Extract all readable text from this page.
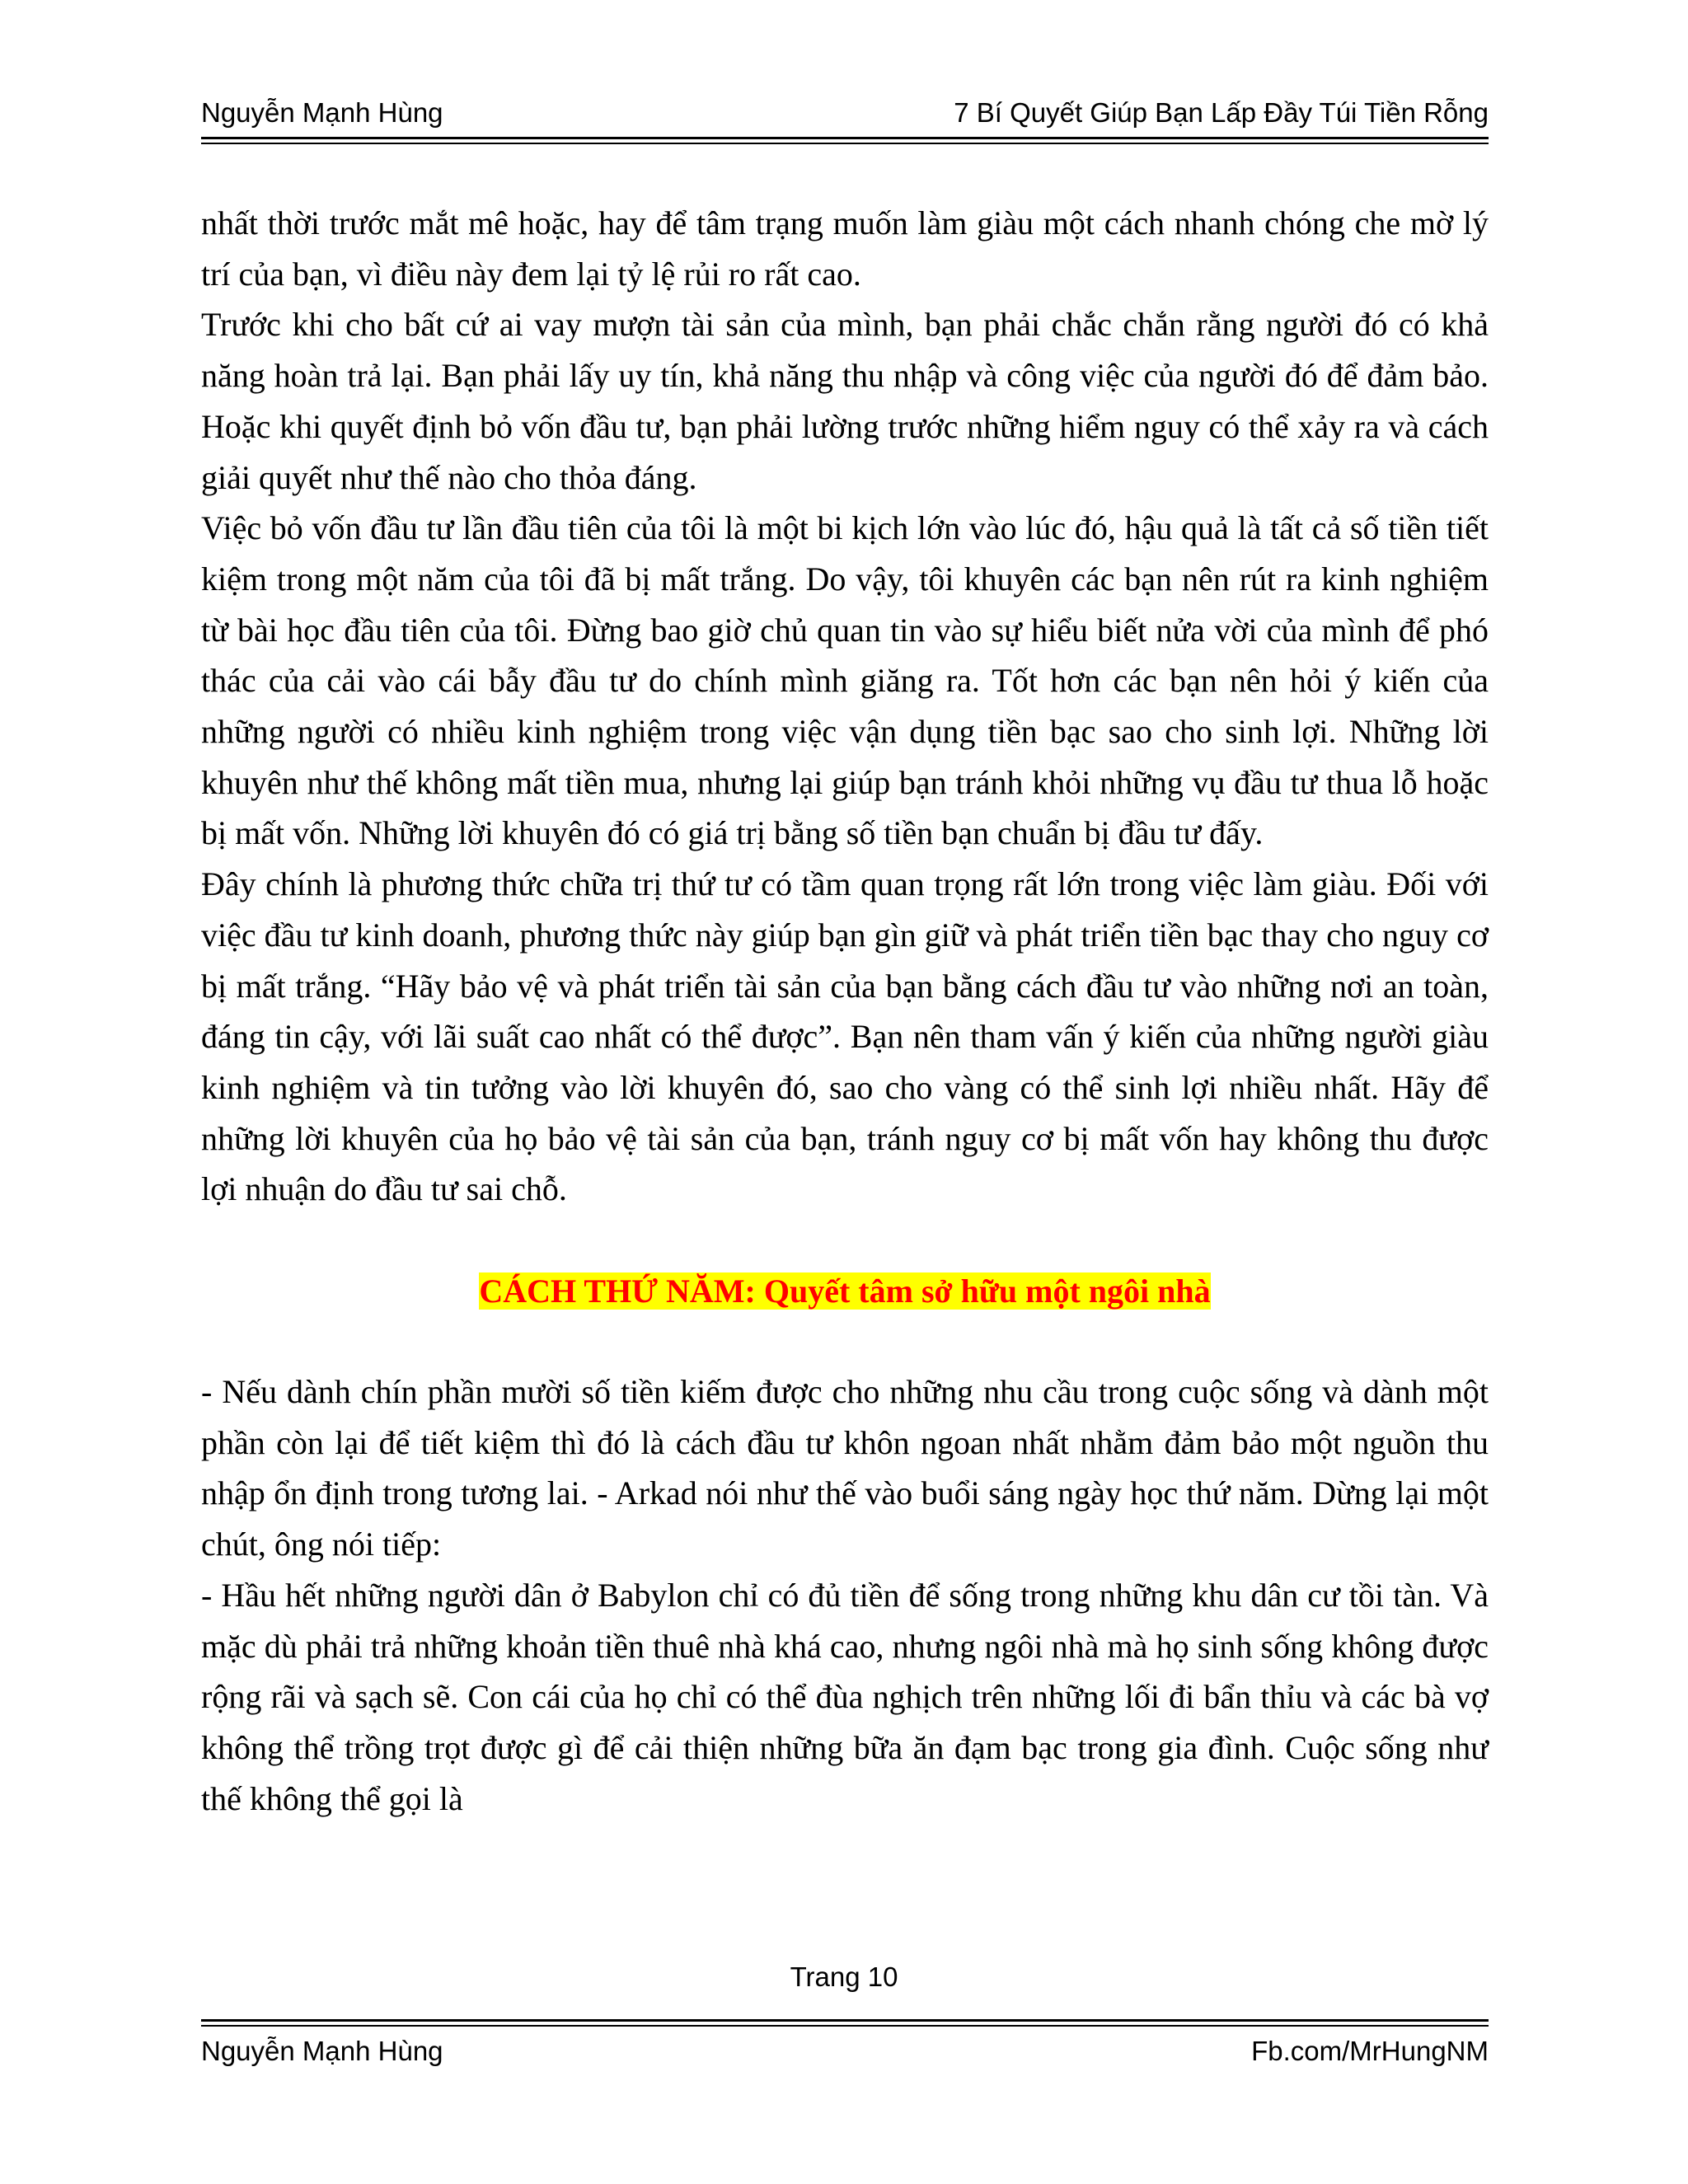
Nguyễn Mạnh Hùng	7 Bí Quyết Giúp Bạn Lấp Đầy Túi Tiền Rỗng

nhất thời trước mắt mê hoặc, hay để tâm trạng muốn làm giàu một cách nhanh chóng che mờ lý trí của bạn, vì điều này đem lại tỷ lệ rủi ro rất cao.

Trước khi cho bất cứ ai vay mượn tài sản của mình, bạn phải chắc chắn rằng người đó có khả năng hoàn trả lại. Bạn phải lấy uy tín, khả năng thu nhập và công việc của người đó để đảm bảo. Hoặc khi quyết định bỏ vốn đầu tư, bạn phải lường trước những hiểm nguy có thể xảy ra và cách giải quyết như thế nào cho thỏa đáng.

Việc bỏ vốn đầu tư lần đầu tiên của tôi là một bi kịch lớn vào lúc đó, hậu quả là tất cả số tiền tiết kiệm trong một năm của tôi đã bị mất trắng. Do vậy, tôi khuyên các bạn nên rút ra kinh nghiệm từ bài học đầu tiên của tôi. Đừng bao giờ chủ quan tin vào sự hiểu biết nửa vời của mình để phó thác của cải vào cái bẫy đầu tư do chính mình giăng ra. Tốt hơn các bạn nên hỏi ý kiến của những người có nhiều kinh nghiệm trong việc vận dụng tiền bạc sao cho sinh lợi. Những lời khuyên như thế không mất tiền mua, nhưng lại giúp bạn tránh khỏi những vụ đầu tư thua lỗ hoặc bị mất vốn. Những lời khuyên đó có giá trị bằng số tiền bạn chuẩn bị đầu tư đấy.

Đây chính là phương thức chữa trị thứ tư có tầm quan trọng rất lớn trong việc làm giàu. Đối với việc đầu tư kinh doanh, phương thức này giúp bạn gìn giữ và phát triển tiền bạc thay cho nguy cơ bị mất trắng. “Hãy bảo vệ và phát triển tài sản của bạn bằng cách đầu tư vào những nơi an toàn, đáng tin cậy, với lãi suất cao nhất có thể được”. Bạn nên tham vấn ý kiến của những người giàu kinh nghiệm và tin tưởng vào lời khuyên đó, sao cho vàng có thể sinh lợi nhiều nhất. Hãy để những lời khuyên của họ bảo vệ tài sản của bạn, tránh nguy cơ bị mất vốn hay không thu được lợi nhuận do đầu tư sai chỗ.

CÁCH THỨ NĂM: Quyết tâm sở hữu một ngôi nhà

- Nếu dành chín phần mười số tiền kiếm được cho những nhu cầu trong cuộc sống và dành một phần còn lại để tiết kiệm thì đó là cách đầu tư khôn ngoan nhất nhằm đảm bảo một nguồn thu nhập ổn định trong tương lai. - Arkad nói như thế vào buổi sáng ngày học thứ năm. Dừng lại một chút, ông nói tiếp:

- Hầu hết những người dân ở Babylon chỉ có đủ tiền để sống trong những khu dân cư tồi tàn. Và mặc dù phải trả những khoản tiền thuê nhà khá cao, nhưng ngôi nhà mà họ sinh sống không được rộng rãi và sạch sẽ. Con cái của họ chỉ có thể đùa nghịch trên những lối đi bẩn thỉu và các bà vợ không thể trồng trọt được gì để cải thiện những bữa ăn đạm bạc trong gia đình. Cuộc sống như thế không thể gọi là

Trang 10
Nguyễn Mạnh Hùng	Fb.com/MrHungNM
